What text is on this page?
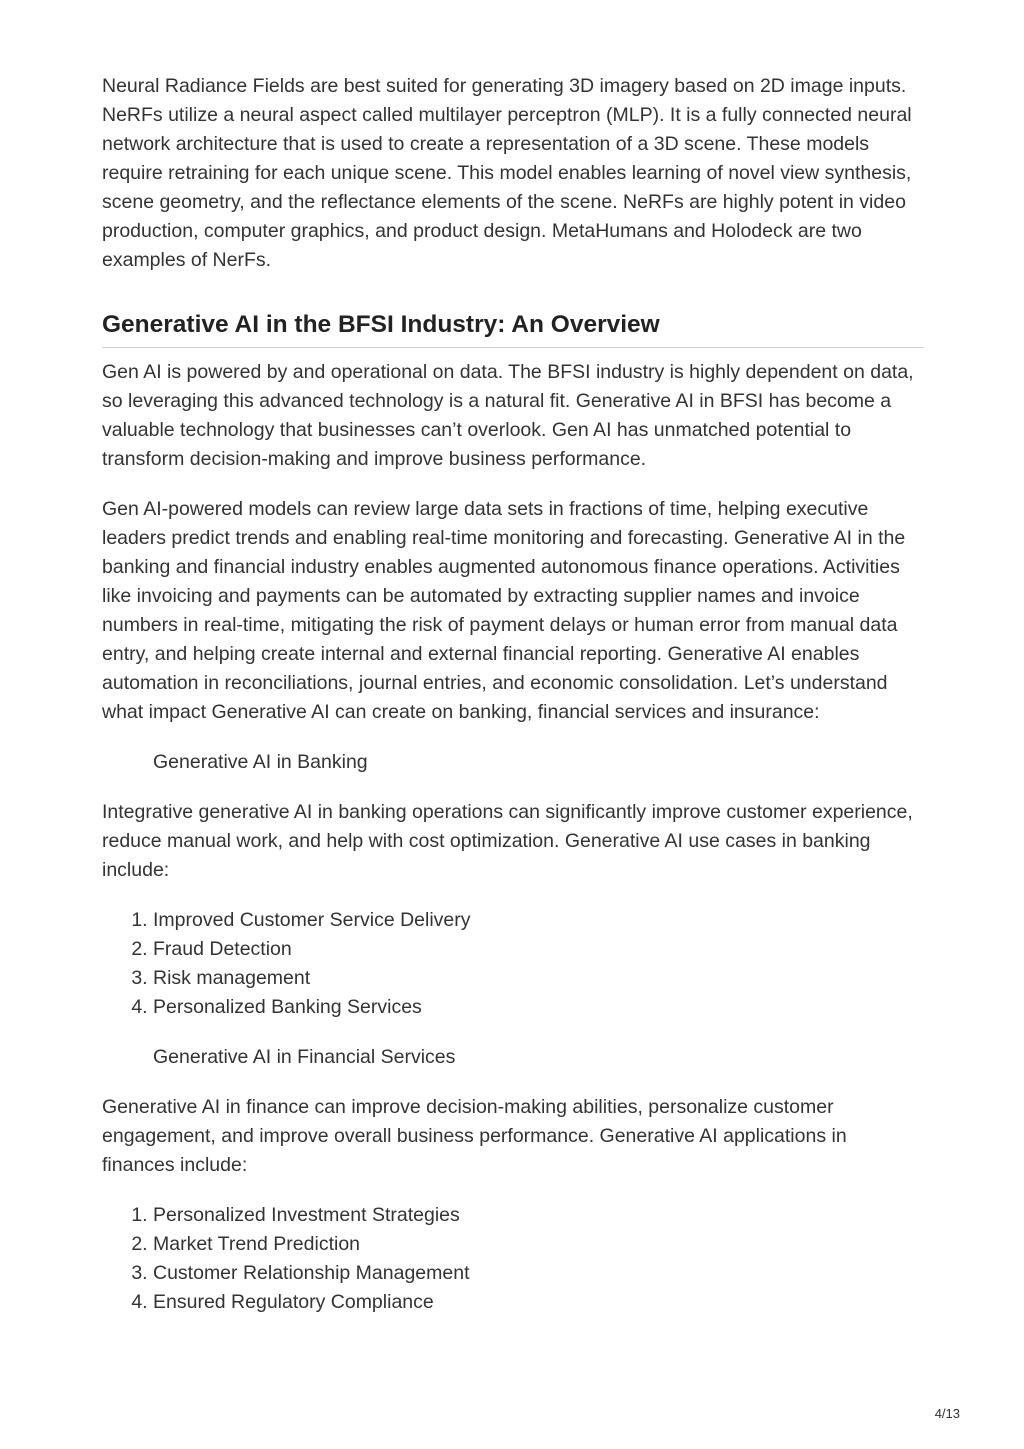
Neural Radiance Fields are best suited for generating 3D imagery based on 2D image inputs. NeRFs utilize a neural aspect called multilayer perceptron (MLP). It is a fully connected neural network architecture that is used to create a representation of a 3D scene. These models require retraining for each unique scene. This model enables learning of novel view synthesis, scene geometry, and the reflectance elements of the scene. NeRFs are highly potent in video production, computer graphics, and product design. MetaHumans and Holodeck are two examples of NerFs.

Generative AI in the BFSI Industry: An Overview

Gen AI is powered by and operational on data. The BFSI industry is highly dependent on data, so leveraging this advanced technology is a natural fit. Generative AI in BFSI has become a valuable technology that businesses can’t overlook. Gen AI has unmatched potential to transform decision-making and improve business performance.

Gen AI-powered models can review large data sets in fractions of time, helping executive leaders predict trends and enabling real-time monitoring and forecasting. Generative AI in the banking and financial industry enables augmented autonomous finance operations. Activities like invoicing and payments can be automated by extracting supplier names and invoice numbers in real-time, mitigating the risk of payment delays or human error from manual data entry, and helping create internal and external financial reporting. Generative AI enables automation in reconciliations, journal entries, and economic consolidation. Let’s understand what impact Generative AI can create on banking, financial services and insurance:

Generative AI in Banking

Integrative generative AI in banking operations can significantly improve customer experience, reduce manual work, and help with cost optimization. Generative AI use cases in banking include:

1. Improved Customer Service Delivery
2. Fraud Detection
3. Risk management
4. Personalized Banking Services
Generative AI in Financial Services

Generative AI in finance can improve decision-making abilities, personalize customer engagement, and improve overall business performance. Generative AI applications in finances include:

1. Personalized Investment Strategies
2. Market Trend Prediction
3. Customer Relationship Management
4. Ensured Regulatory Compliance
4/13
